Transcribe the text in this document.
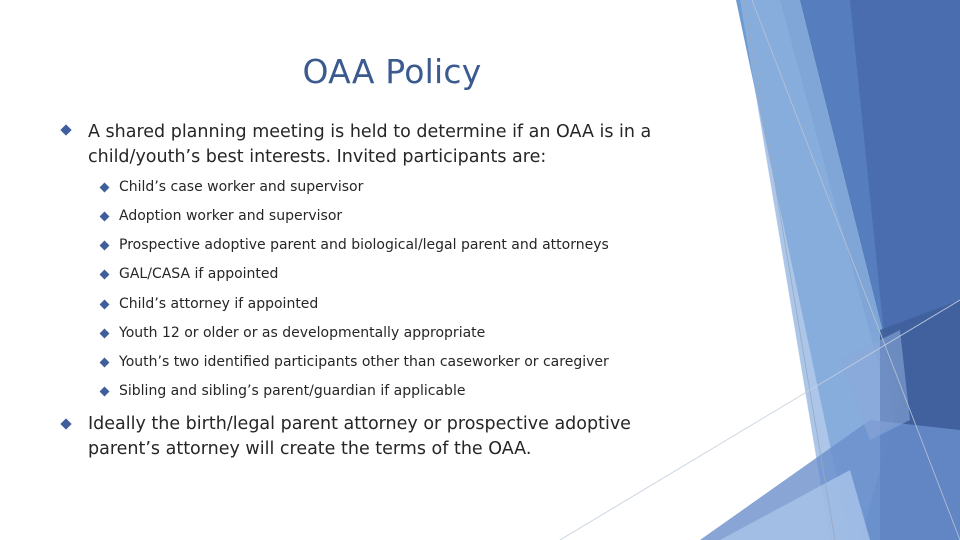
OAA Policy
A shared planning meeting is held to determine if an OAA is in a child/youth’s best interests. Invited participants are:
Child’s case worker and supervisor
Adoption worker and supervisor
Prospective adoptive parent and biological/legal parent and attorneys
GAL/CASA if appointed
Child’s attorney if appointed
Youth 12 or older or as developmentally appropriate
Youth’s two identified participants other than caseworker or caregiver
Sibling and sibling’s parent/guardian if applicable
Ideally the birth/legal parent attorney or prospective adoptive parent’s attorney will create the terms of the OAA.
